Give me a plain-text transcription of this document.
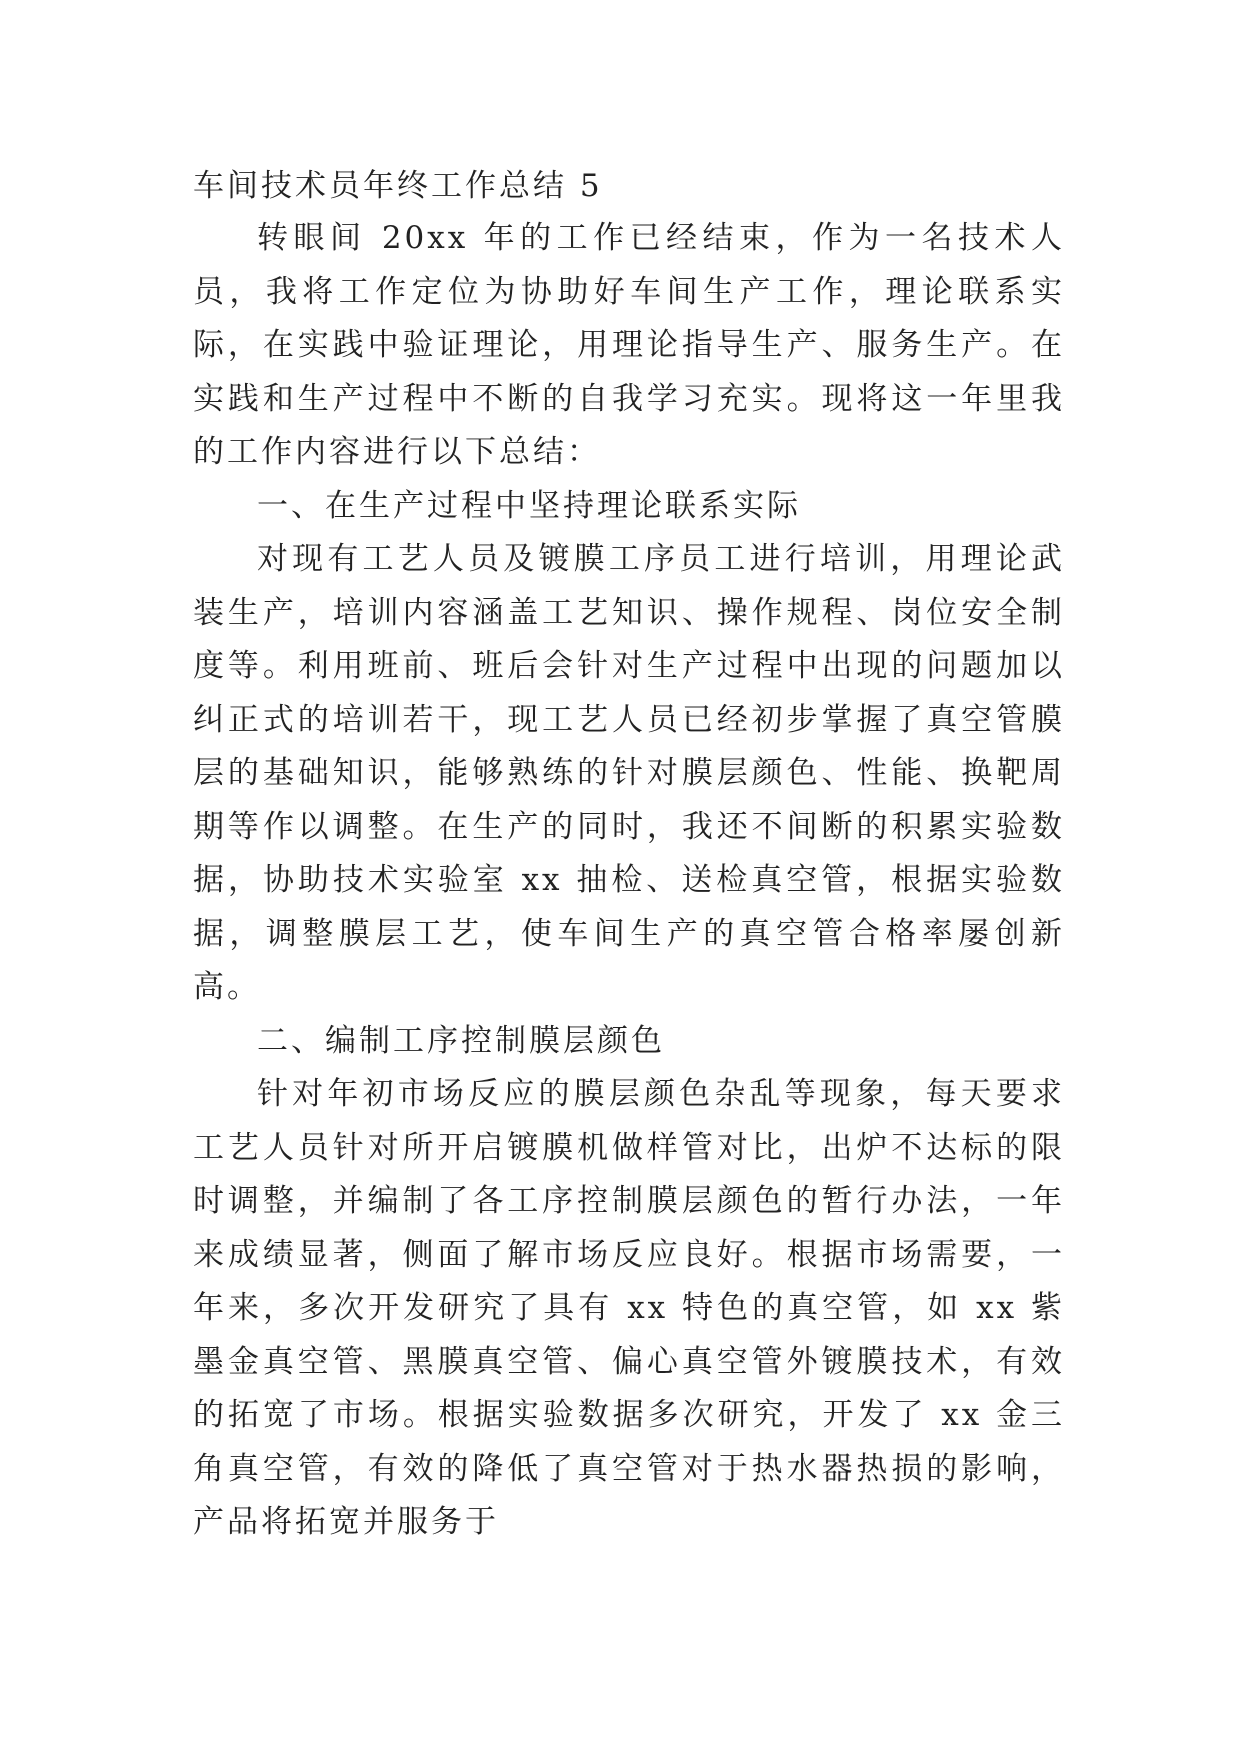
车间技术员年终工作总结 5

转眼间 20xx 年的工作已经结束，作为一名技术人员，我将工作定位为协助好车间生产工作，理论联系实际，在实践中验证理论，用理论指导生产、服务生产。在实践和生产过程中不断的自我学习充实。现将这一年里我的工作内容进行以下总结：

一、在生产过程中坚持理论联系实际

对现有工艺人员及镀膜工序员工进行培训，用理论武装生产，培训内容涵盖工艺知识、操作规程、岗位安全制度等。利用班前、班后会针对生产过程中出现的问题加以纠正式的培训若干，现工艺人员已经初步掌握了真空管膜层的基础知识，能够熟练的针对膜层颜色、性能、换靶周期等作以调整。在生产的同时，我还不间断的积累实验数据，协助技术实验室 xx 抽检、送检真空管，根据实验数据，调整膜层工艺，使车间生产的真空管合格率屡创新高。

二、编制工序控制膜层颜色

针对年初市场反应的膜层颜色杂乱等现象，每天要求工艺人员针对所开启镀膜机做样管对比，出炉不达标的限时调整，并编制了各工序控制膜层颜色的暂行办法，一年来成绩显著，侧面了解市场反应良好。根据市场需要，一年来，多次开发研究了具有 xx 特色的真空管，如 xx 紫墨金真空管、黑膜真空管、偏心真空管外镀膜技术，有效的拓宽了市场。根据实验数据多次研究，开发了 xx 金三角真空管，有效的降低了真空管对于热水器热损的影响，产品将拓宽并服务于
